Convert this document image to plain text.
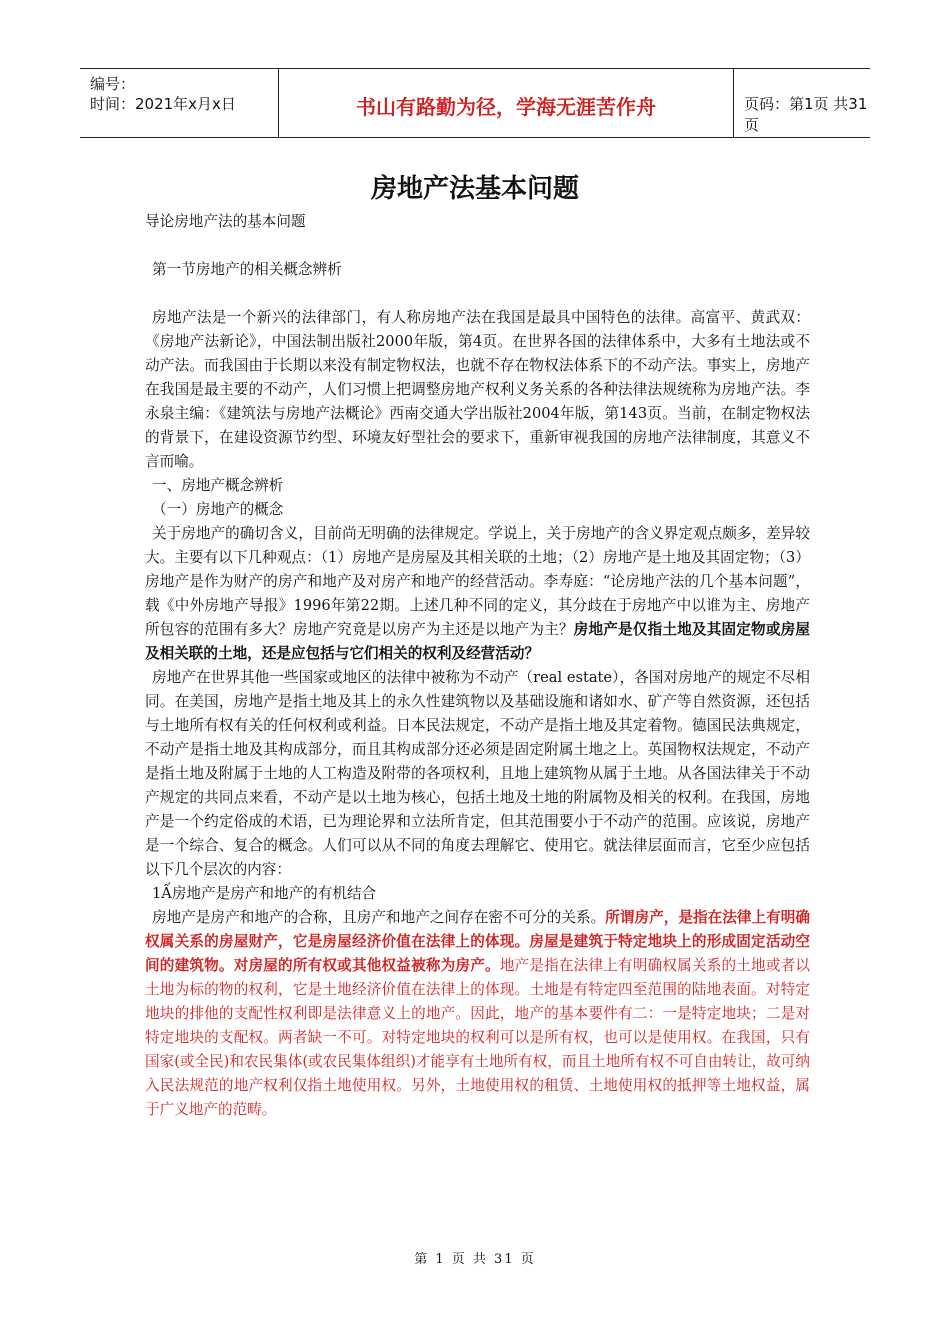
编号：
时间：2021年x月x日	书山有路勤为径，学海无涯苦作舟	页码：第1页 共31页
房地产法基本问题

导论房地产法的基本问题

第一节房地产的相关概念辨析

房地产法是一个新兴的法律部门，有人称房地产法在我国是最具中国特色的法律。高富平、黄武双：《房地产法新论》，中国法制出版社2000年版，第4页。在世界各国的法律体系中，大多有土地法或不动产法。而我国由于长期以来没有制定物权法，也就不存在物权法体系下的不动产法。事实上，房地产在我国是最主要的不动产，人们习惯上把调整房地产权利义务关系的各种法律法规统称为房地产法。李永泉主编：《建筑法与房地产法概论》西南交通大学出版社2004年版，第143页。当前，在制定物权法的背景下，在建设资源节约型、环境友好型社会的要求下，重新审视我国的房地产法律制度，其意义不言而喻。

一、房地产概念辨析

（一）房地产的概念

关于房地产的确切含义，目前尚无明确的法律规定。学说上，关于房地产的含义界定观点颇多，差异较大。主要有以下几种观点：（1）房地产是房屋及其相关联的土地；（2）房地产是土地及其固定物；（3）房地产是作为财产的房产和地产及对房产和地产的经营活动。李寿庭：“论房地产法的几个基本问题”，载《中外房地产导报》1996年第22期。上述几种不同的定义，其分歧在于房地产中以谁为主、房地产所包容的范围有多大？房地产究竟是以房产为主还是以地产为主？房地产是仅指土地及其固定物或房屋及相关联的土地，还是应包括与它们相关的权利及经营活动？

房地产在世界其他一些国家或地区的法律中被称为不动产（real estate），各国对房地产的规定不尽相同。在美国，房地产是指土地及其上的永久性建筑物以及基础设施和诸如水、矿产等自然资源，还包括与土地所有权有关的任何权利或利益。日本民法规定，不动产是指土地及其定着物。德国民法典规定，不动产是指土地及其构成部分，而且其构成部分还必须是固定附属土地之上。英国物权法规定，不动产是指土地及附属于土地的人工构造及附带的各项权利，且地上建筑物从属于土地。从各国法律关于不动产规定的共同点来看，不动产是以土地为核心，包括土地及土地的附属物及相关的权利。在我国，房地产是一个约定俗成的术语，已为理论界和立法所肯定，但其范围要小于不动产的范围。应该说，房地产是一个综合、复合的概念。人们可以从不同的角度去理解它、使用它。就法律层面而言，它至少应包括以下几个层次的内容：

1Ấ房地产是房产和地产的有机结合

房地产是房产和地产的合称，且房产和地产之间存在密不可分的关系。所谓房产，是指在法律上有明确权属关系的房屋财产，它是房屋经济价值在法律上的体现。房屋是建筑于特定地块上的形成固定活动空间的建筑物。对房屋的所有权或其他权益被称为房产。地产是指在法律上有明确权属关系的土地或者以土地为标的物的权利，它是土地经济价值在法律上的体现。土地是有特定四至范围的陆地表面。对特定地块的排他的支配性权利即是法律意义上的地产。因此，地产的基本要件有二：一是特定地块；二是对特定地块的支配权。两者缺一不可。对特定地块的权利可以是所有权，也可以是使用权。在我国，只有国家(或全民)和农民集体(或农民集体组织)才能享有土地所有权，而且土地所有权不可自由转让，故可纳入民法规范的地产权利仅指土地使用权。另外，土地使用权的租赁、土地使用权的抵押等土地权益，属于广义地产的范畴。

第 1 页 共 31 页
